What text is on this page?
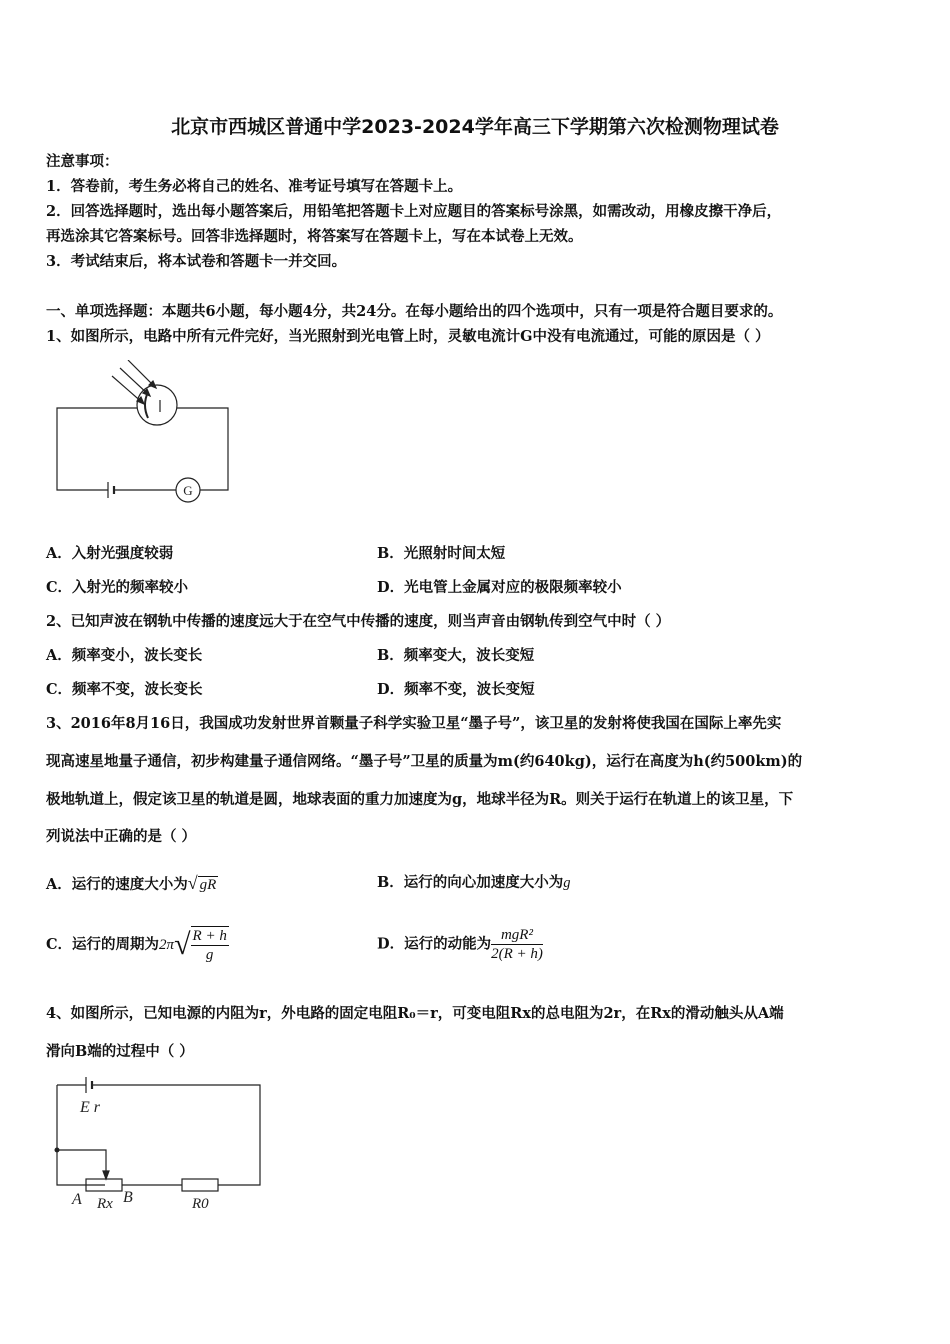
北京市西城区普通中学2023-2024学年高三下学期第六次检测物理试卷
注意事项：
1．答卷前，考生务必将自己的姓名、准考证号填写在答题卡上。
2．回答选择题时，选出每小题答案后，用铅笔把答题卡上对应题目的答案标号涂黑，如需改动，用橡皮擦干净后，
再选涂其它答案标号。回答非选择题时，将答案写在答题卡上，写在本试卷上无效。
3．考试结束后，将本试卷和答题卡一并交回。
一、单项选择题：本题共6小题，每小题4分，共24分。在每小题给出的四个选项中，只有一项是符合题目要求的。
1、如图所示，电路中所有元件完好，当光照射到光电管上时，灵敏电流计G中没有电流通过，可能的原因是（ ）
G
A．入射光强度较弱	B．光照射时间太短
C．入射光的频率较小	D．光电管上金属对应的极限频率较小
2、已知声波在钢轨中传播的速度远大于在空气中传播的速度，则当声音由钢轨传到空气中时（ ）
A．频率变小，波长变长	B．频率变大，波长变短
C．频率不变，波长变长	D．频率不变，波长变短
3、2016年8月16日，我国成功发射世界首颗量子科学实验卫星“墨子号”，该卫星的发射将使我国在国际上率先实
现高速星地量子通信，初步构建量子通信网络。“墨子号”卫星的质量为m(约640kg)，运行在高度为h(约500km)的
极地轨道上，假定该卫星的轨道是圆，地球表面的重力加速度为g，地球半径为R。则关于运行在轨道上的该卫星，下
列说法中正确的是（ ）
A．运行的速度大小为√ gR	B．运行的向心加速度大小为g
C．运行的周期为$2\pi√ \frac{R + h}{g}$	D．运行的动能为 $\frac{\text{mgR²}}{2(R + h)}$
4、如图所示，已知电源的内阻为r，外电路的固定电阻R₀＝r，可变电阻Rx的总电阻为2r，在Rx的滑动触头从A端
滑向B端的过程中（ ）
E r
A	B
Rx	R0
